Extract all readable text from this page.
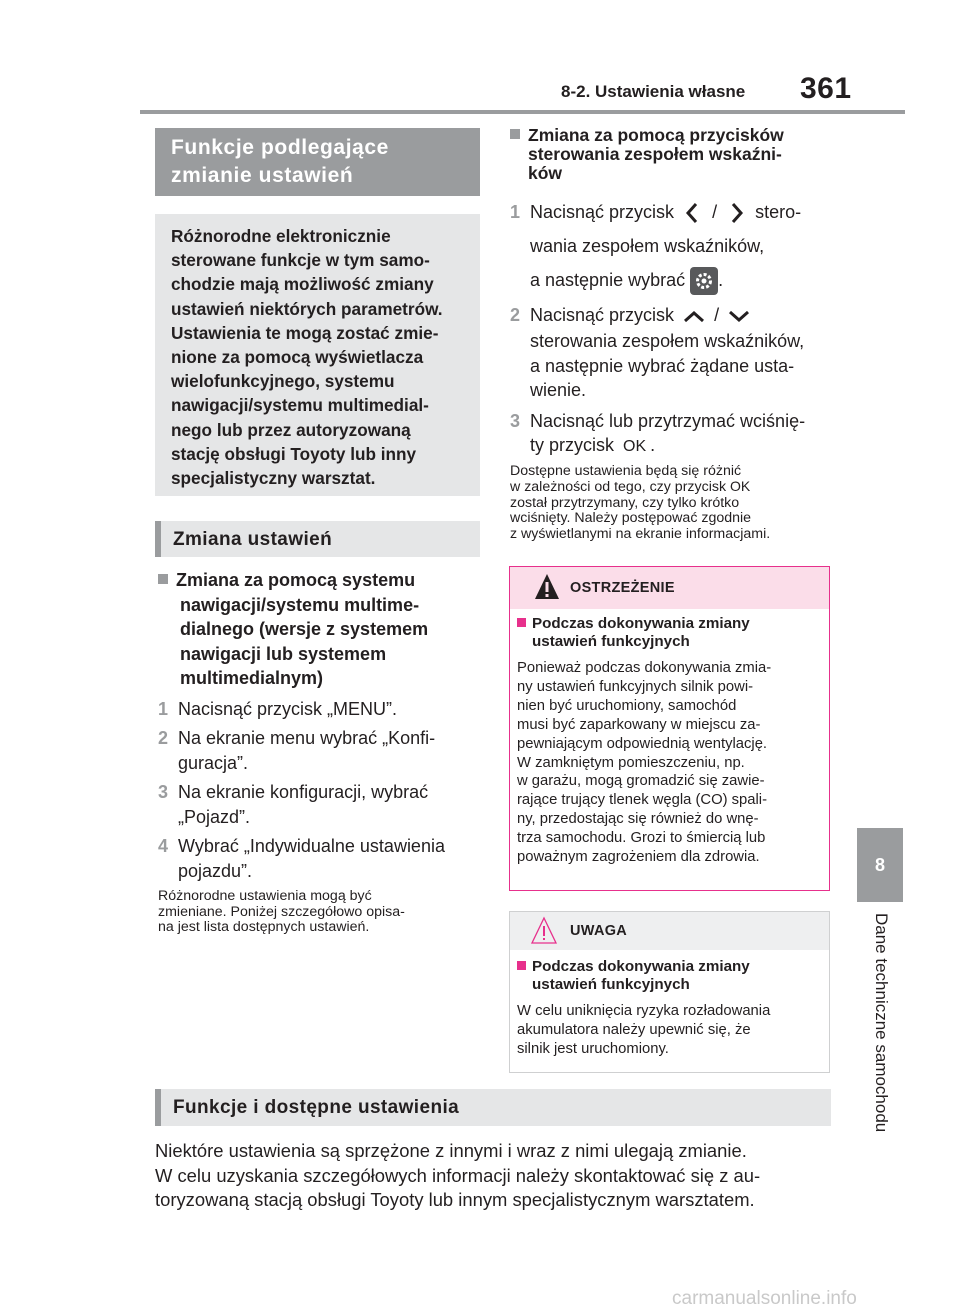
8-2. Ustawienia własne 361
8
Dane techniczne samochodu
Funkcje podlegające
zmianie ustawień
Różnorodne elektronicznie
sterowane funkcje w tym samo-
chodzie mają możliwość zmiany
ustawień niektórych parametrów.
Ustawienia te mogą zostać zmie-
nione za pomocą wyświetlacza
wielofunkcyjnego, systemu
nawigacji/systemu multimedial-
nego lub przez autoryzowaną
stację obsługi Toyoty lub inny
specjalistyczny warsztat.
Zmiana ustawień
Zmiana za pomocą systemu
nawigacji/systemu multime-
dialnego (wersje z systemem
nawigacji lub systemem
multimedialnym)
1 Nacisnąć przycisk „MENU”.
2 Na ekranie menu wybrać „Konfi-
guracja”.
3 Na ekranie konfiguracji, wybrać
„Pojazd”.
4 Wybrać „Indywidualne ustawienia
pojazdu”.
Różnorodne ustawienia mogą być
zmieniane. Poniżej szczegółowo opisa-
na jest lista dostępnych ustawień.
Zmiana za pomocą przycisków
sterowania zespołem wskaźni-
ków
1 Nacisnąć przycisk / stero-
wania zespołem wskaźników,
a następnie wybrać .
2 Nacisnąć przycisk /
sterowania zespołem wskaźników,
a następnie wybrać żądane usta-
wienie.
3 Nacisnąć lub przytrzymać wciśnię-
ty przycisk OK .
Dostępne ustawienia będą się różnić
w zależności od tego, czy przycisk OK
został przytrzymany, czy tylko krótko
wciśnięty. Należy postępować zgodnie
z wyświetlanymi na ekranie informacjami.
OSTRZEŻENIE
Podczas dokonywania zmiany
ustawień funkcyjnych
Ponieważ podczas dokonywania zmia-
ny ustawień funkcyjnych silnik powi-
nien być uruchomiony, samochód
musi być zaparkowany w miejscu za-
pewniającym odpowiednią wentylację.
W zamkniętym pomieszczeniu, np.
w garażu, mogą gromadzić się zawie-
rające trujący tlenek węgla (CO) spali-
ny, przedostając się również do wnę-
trza samochodu. Grozi to śmiercią lub
poważnym zagrożeniem dla zdrowia.
UWAGA
Podczas dokonywania zmiany
ustawień funkcyjnych
W celu uniknięcia ryzyka rozładowania
akumulatora należy upewnić się, że
silnik jest uruchomiony.
Funkcje i dostępne ustawienia
Niektóre ustawienia są sprzężone z innymi i wraz z nimi ulegają zmianie.
W celu uzyskania szczegółowych informacji należy skontaktować się z au-
toryzowaną stacją obsługi Toyoty lub innym specjalistycznym warsztatem.
carmanualsonline.info
